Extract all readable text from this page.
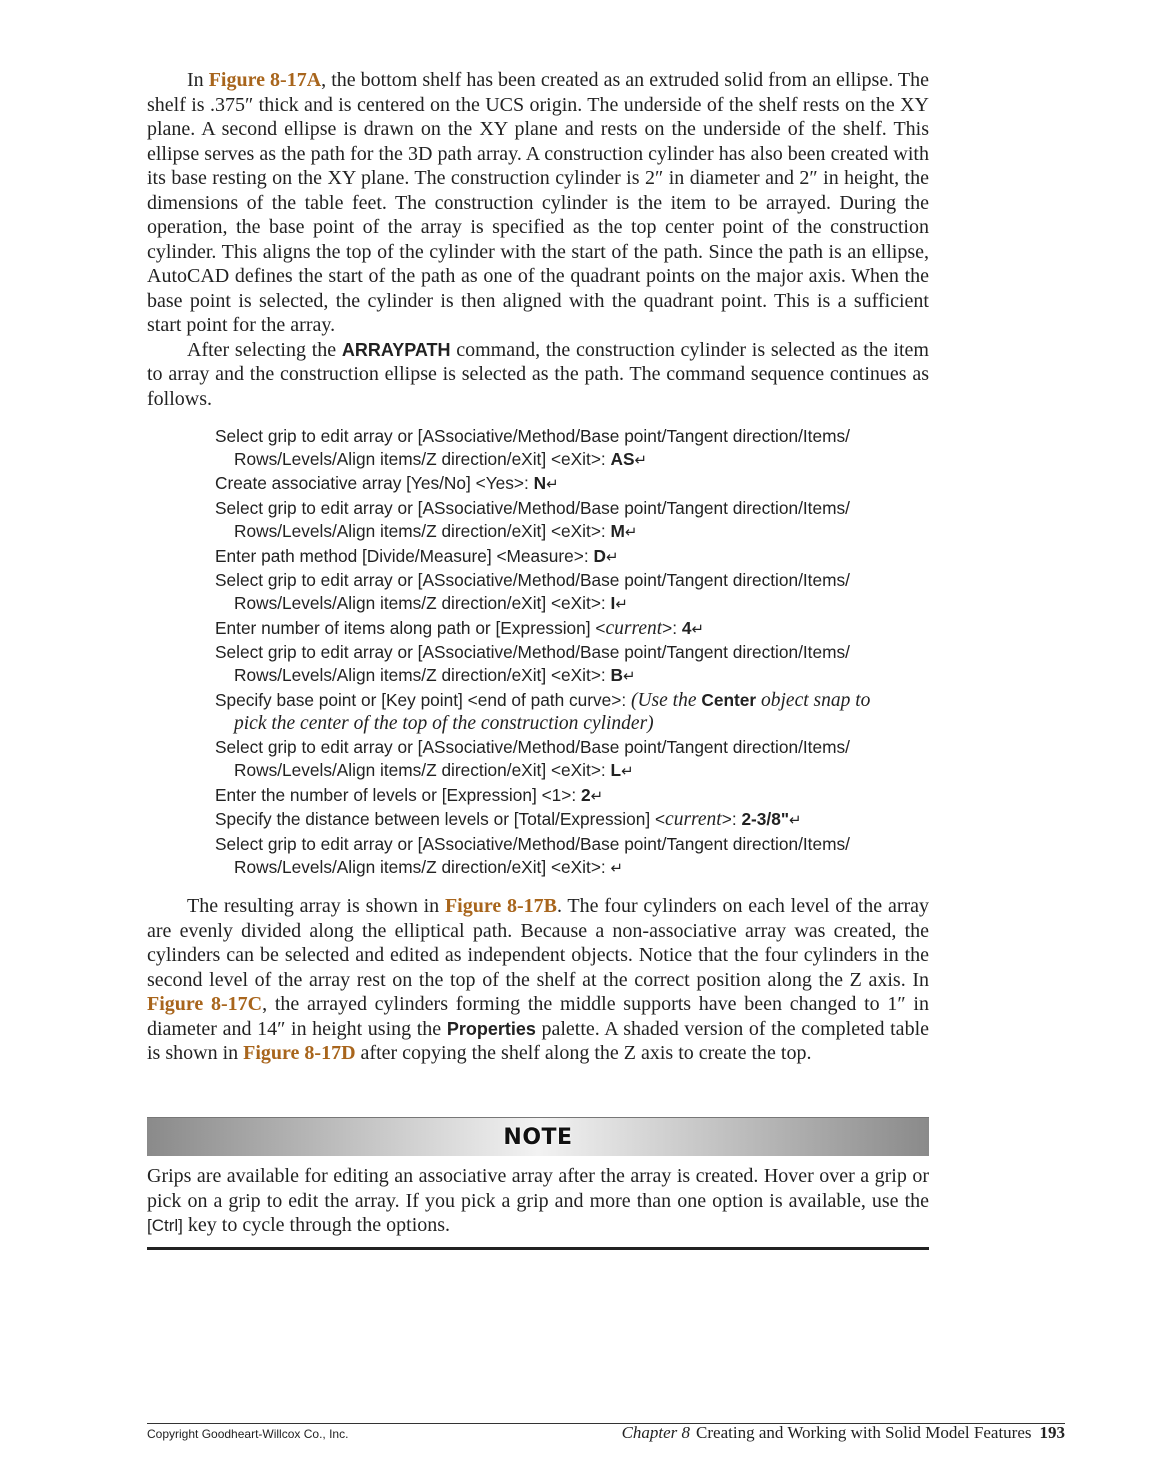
In Figure 8-17A, the bottom shelf has been created as an extruded solid from an ellipse. The shelf is .375″ thick and is centered on the UCS origin. The underside of the shelf rests on the XY plane. A second ellipse is drawn on the XY plane and rests on the underside of the shelf. This ellipse serves as the path for the 3D path array. A construction cylinder has also been created with its base resting on the XY plane. The construction cylinder is 2″ in diameter and 2″ in height, the dimensions of the table feet. The construction cylinder is the item to be arrayed. During the operation, the base point of the array is specified as the top center point of the construction cylinder. This aligns the top of the cylinder with the start of the path. Since the path is an ellipse, AutoCAD defines the start of the path as one of the quadrant points on the major axis. When the base point is selected, the cylinder is then aligned with the quadrant point. This is a sufficient start point for the array.

After selecting the ARRAYPATH command, the construction cylinder is selected as the item to array and the construction ellipse is selected as the path. The command sequence continues as follows.

Select grip to edit array or [ASsociative/Method/Base point/Tangent direction/Items/
Rows/Levels/Align items/Z direction/eXit] <eXit>: AS↵
Create associative array [Yes/No] <Yes>: N↵
Select grip to edit array or [ASsociative/Method/Base point/Tangent direction/Items/
Rows/Levels/Align items/Z direction/eXit] <eXit>: M↵
Enter path method [Divide/Measure] <Measure>: D↵
Select grip to edit array or [ASsociative/Method/Base point/Tangent direction/Items/
Rows/Levels/Align items/Z direction/eXit] <eXit>: I↵
Enter number of items along path or [Expression] <current>: 4↵
Select grip to edit array or [ASsociative/Method/Base point/Tangent direction/Items/
Rows/Levels/Align items/Z direction/eXit] <eXit>: B↵
Specify base point or [Key point] <end of path curve>: (Use the Center object snap to
pick the center of the top of the construction cylinder)
Select grip to edit array or [ASsociative/Method/Base point/Tangent direction/Items/
Rows/Levels/Align items/Z direction/eXit] <eXit>: L↵
Enter the number of levels or [Expression] <1>: 2↵
Specify the distance between levels or [Total/Expression] <current>: 2-3/8"↵
Select grip to edit array or [ASsociative/Method/Base point/Tangent direction/Items/
Rows/Levels/Align items/Z direction/eXit] <eXit>: ↵

The resulting array is shown in Figure 8-17B. The four cylinders on each level of the array are evenly divided along the elliptical path. Because a non-associative array was created, the cylinders can be selected and edited as independent objects. Notice that the four cylinders in the second level of the array rest on the top of the shelf at the correct position along the Z axis. In Figure 8-17C, the arrayed cylinders forming the middle supports have been changed to 1″ in diameter and 14″ in height using the Properties palette. A shaded version of the completed table is shown in Figure 8-17D after copying the shelf along the Z axis to create the top.

NOTE

Grips are available for editing an associative array after the array is created. Hover over a grip or pick on a grip to edit the array. If you pick a grip and more than one option is available, use the [Ctrl] key to cycle through the options.

Copyright Goodheart-Willcox Co., Inc.	Chapter 8 Creating and Working with Solid Model Features 193
